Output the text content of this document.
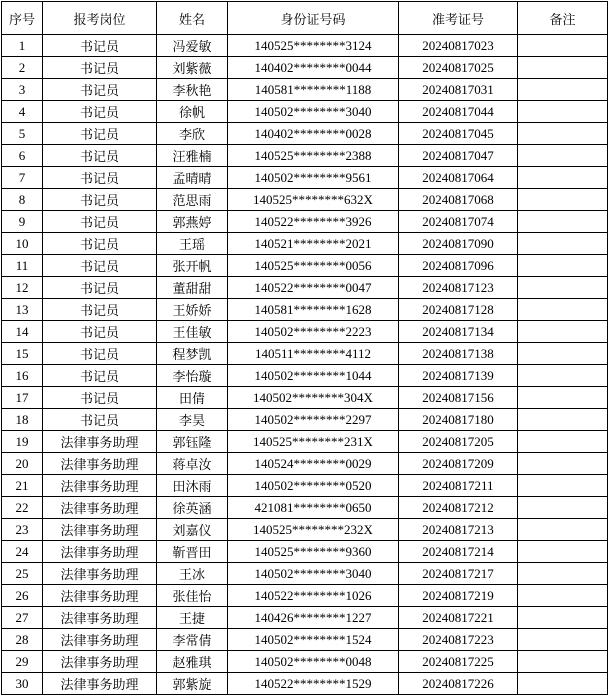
序号	报考岗位	姓名	身份证号码	准考证号	备注
1	书记员	冯爱敏	140525********3124	20240817023	
2	书记员	刘紫薇	140402********0044	20240817025	
3	书记员	李秋艳	140581********1188	20240817031	
4	书记员	徐帆	140502********3040	20240817044	
5	书记员	李欣	140402********0028	20240817045	
6	书记员	汪雅楠	140525********2388	20240817047	
7	书记员	孟晴晴	140502********9561	20240817064	
8	书记员	范思雨	140525********632X	20240817068	
9	书记员	郭燕婷	140522********3926	20240817074	
10	书记员	王瑶	140521********2021	20240817090	
11	书记员	张开帆	140525********0056	20240817096	
12	书记员	董甜甜	140522********0047	20240817123	
13	书记员	王娇娇	140581********1628	20240817128	
14	书记员	王佳敏	140502********2223	20240817134	
15	书记员	程梦凯	140511********4112	20240817138	
16	书记员	李怡璇	140502********1044	20240817139	
17	书记员	田倩	140502********304X	20240817156	
18	书记员	李昊	140502********2297	20240817180	
19	法律事务助理	郭钰隆	140525********231X	20240817205	
20	法律事务助理	蒋卓汝	140524********0029	20240817209	
21	法律事务助理	田沐雨	140502********0520	20240817211	
22	法律事务助理	徐英涵	421081********0650	20240817212	
23	法律事务助理	刘嘉仪	140525********232X	20240817213	
24	法律事务助理	靳晋田	140525********9360	20240817214	
25	法律事务助理	王冰	140502********3040	20240817217	
26	法律事务助理	张佳怡	140522********1026	20240817219	
27	法律事务助理	王捷	140426********1227	20240817221	
28	法律事务助理	李常倩	140502********1524	20240817223	
29	法律事务助理	赵雅琪	140502********0048	20240817225	
30	法律事务助理	郭紫旋	140522********1529	20240817226	
